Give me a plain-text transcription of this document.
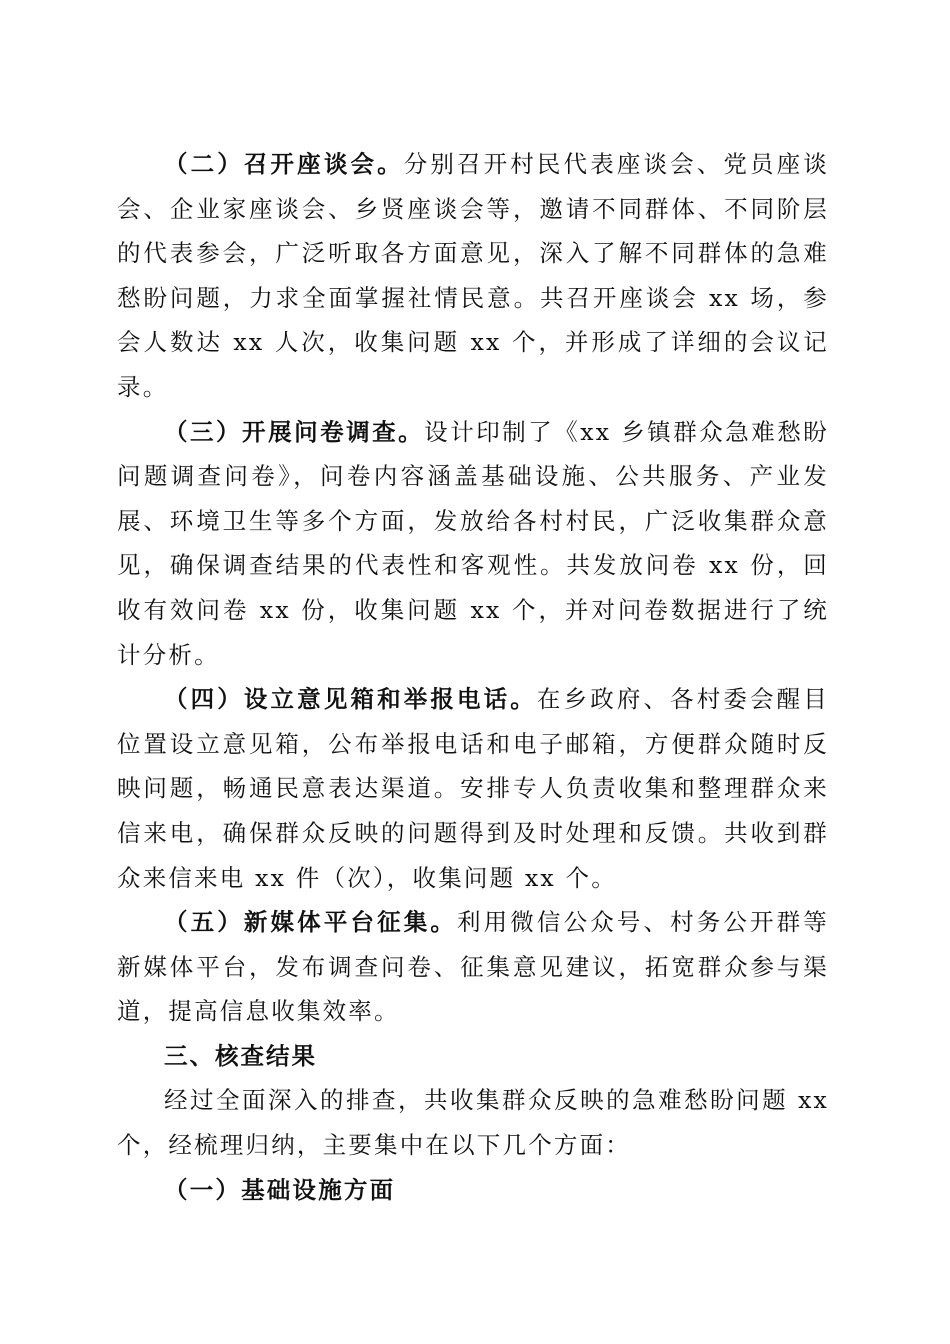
（二）召开座谈会。分别召开村民代表座谈会、党员座谈会、企业家座谈会、乡贤座谈会等，邀请不同群体、不同阶层的代表参会，广泛听取各方面意见，深入了解不同群体的急难愁盼问题，力求全面掌握社情民意。共召开座谈会 xx 场，参会人数达 xx 人次，收集问题 xx 个，并形成了详细的会议记录。

（三）开展问卷调查。设计印制了《xx 乡镇群众急难愁盼问题调查问卷》，问卷内容涵盖基础设施、公共服务、产业发展、环境卫生等多个方面，发放给各村村民，广泛收集群众意见，确保调查结果的代表性和客观性。共发放问卷 xx 份，回收有效问卷 xx 份，收集问题 xx 个，并对问卷数据进行了统计分析。

（四）设立意见箱和举报电话。在乡政府、各村委会醒目位置设立意见箱，公布举报电话和电子邮箱，方便群众随时反映问题，畅通民意表达渠道。安排专人负责收集和整理群众来信来电，确保群众反映的问题得到及时处理和反馈。共收到群众来信来电 xx 件（次），收集问题 xx 个。

（五）新媒体平台征集。利用微信公众号、村务公开群等新媒体平台，发布调查问卷、征集意见建议，拓宽群众参与渠道，提高信息收集效率。

三、核查结果

经过全面深入的排查，共收集群众反映的急难愁盼问题 xx 个，经梳理归纳，主要集中在以下几个方面：

（一）基础设施方面
